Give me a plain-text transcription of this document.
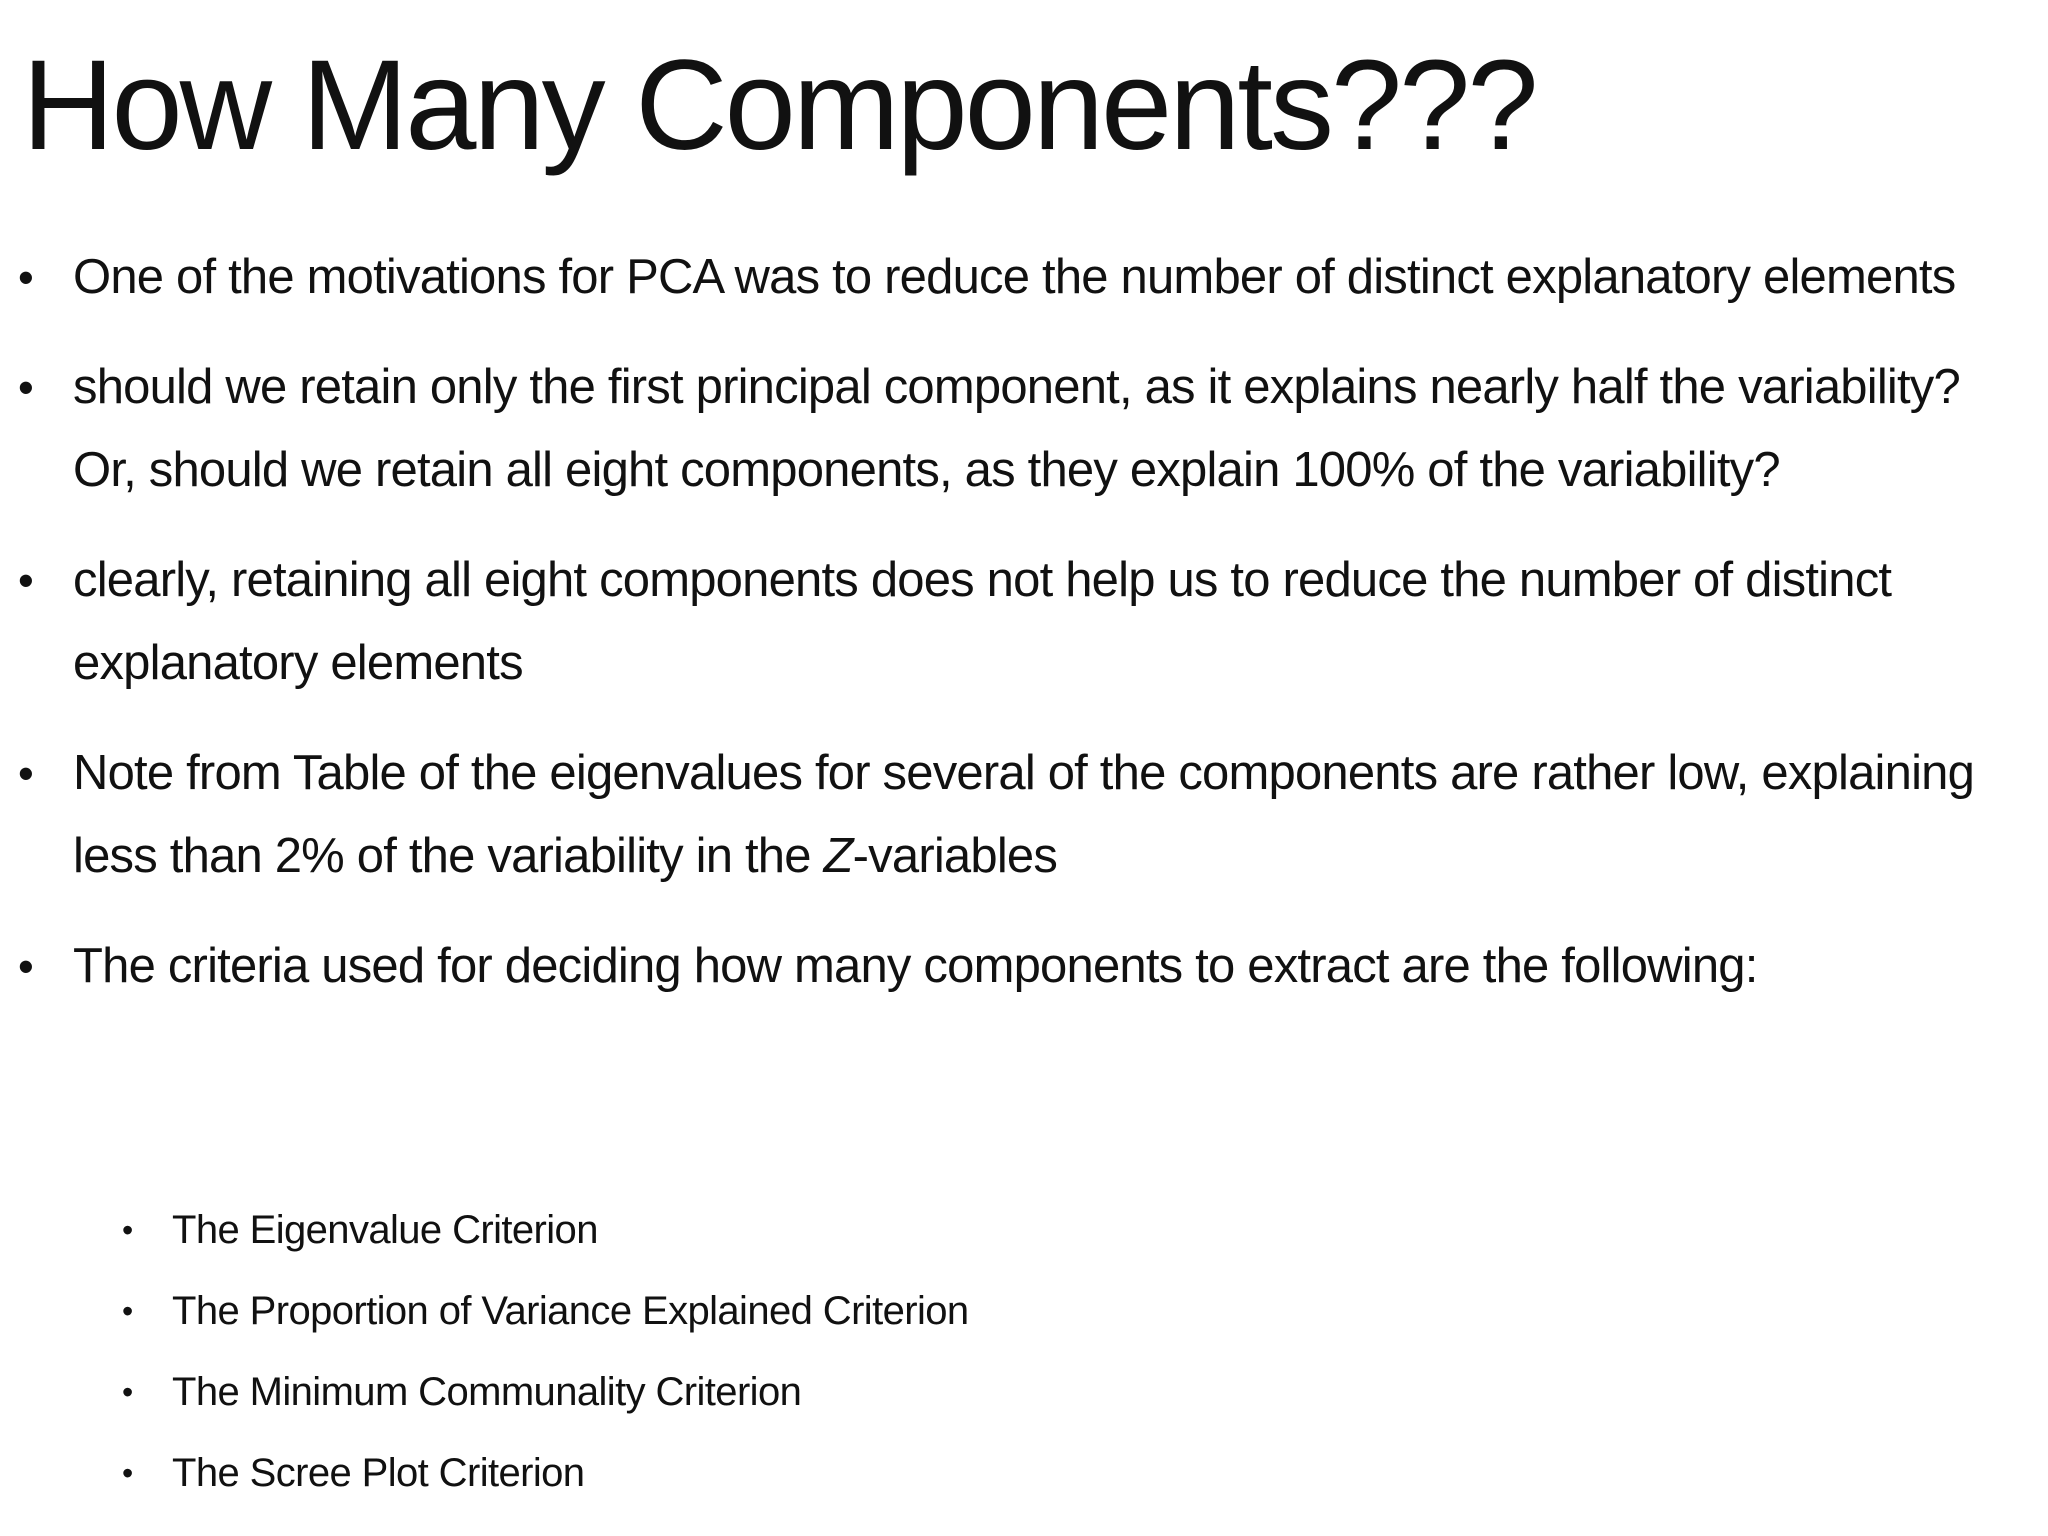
How Many Components???
• One of the motivations for PCA was to reduce the number of distinct explanatory elements
• should we retain only the first principal component, as it explains nearly half the variability? Or, should we retain all eight components, as they explain 100% of the variability?
• clearly, retaining all eight components does not help us to reduce the number of distinct explanatory elements
• Note from Table of the eigenvalues for several of the components are rather low, explaining less than 2% of the variability in the Z-variables
• The criteria used for deciding how many components to extract are the following:
• The Eigenvalue Criterion
• The Proportion of Variance Explained Criterion
• The Minimum Communality Criterion
• The Scree Plot Criterion
